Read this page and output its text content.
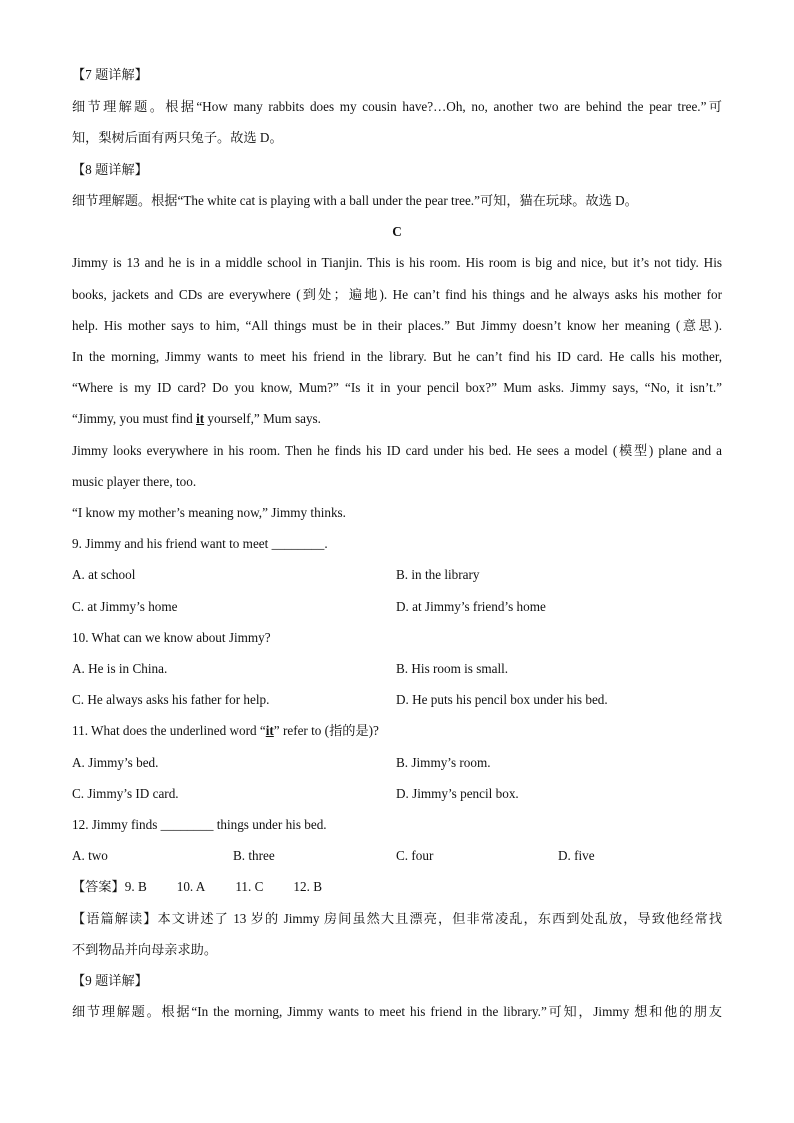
【7 题详解】
细节理解题。根据“How many rabbits does my cousin have?…Oh, no, another two are behind the pear tree.”可
知，梨树后面有两只兔子。故选 D。
【8 题详解】
细节理解题。根据“The white cat is playing with a ball under the pear tree.”可知，猫在玩球。故选 D。
C
Jimmy is 13 and he is in a middle school in Tianjin. This is his room. His room is big and nice, but it’s not tidy. His
books, jackets and CDs are everywhere (到处；遍地). He can’t find his things and he always asks his mother for
help. His mother says to him, “All things must be in their places.” But Jimmy doesn’t know her meaning (意思).
In the morning, Jimmy wants to meet his friend in the library. But he can’t find his ID card. He calls his mother,
“Where is my ID card? Do you know, Mum?” “Is it in your pencil box?” Mum asks. Jimmy says, “No, it isn’t.”
“Jimmy, you must find it yourself,” Mum says.
Jimmy looks everywhere in his room. Then he finds his ID card under his bed. He sees a model (模型) plane and a
music player there, too.
“I know my mother’s meaning now,” Jimmy thinks.
9. Jimmy and his friend want to meet ________.
A. at school	B. in the library
C. at Jimmy’s home	D. at Jimmy’s friend’s home
10. What can we know about Jimmy?
A. He is in China.	B. His room is small.
C. He always asks his father for help.	D. He puts his pencil box under his bed.
11. What does the underlined word “it” refer to (指的是)?
A. Jimmy’s bed.	B. Jimmy’s room.
C. Jimmy’s ID card.	D. Jimmy’s pencil box.
12. Jimmy finds ________ things under his bed.
A. two	B. three	C. four	D. five
【答案】9. B 10. A 11. C 12. B
【语篇解读】本文讲述了 13 岁的 Jimmy 房间虽然大且漂亮，但非常凌乱，东西到处乱放，导致他经常找
不到物品并向母亲求助。
【9 题详解】
细节理解题。根据“In the morning, Jimmy wants to meet his friend in the library.”可知，Jimmy 想和他的朋友
